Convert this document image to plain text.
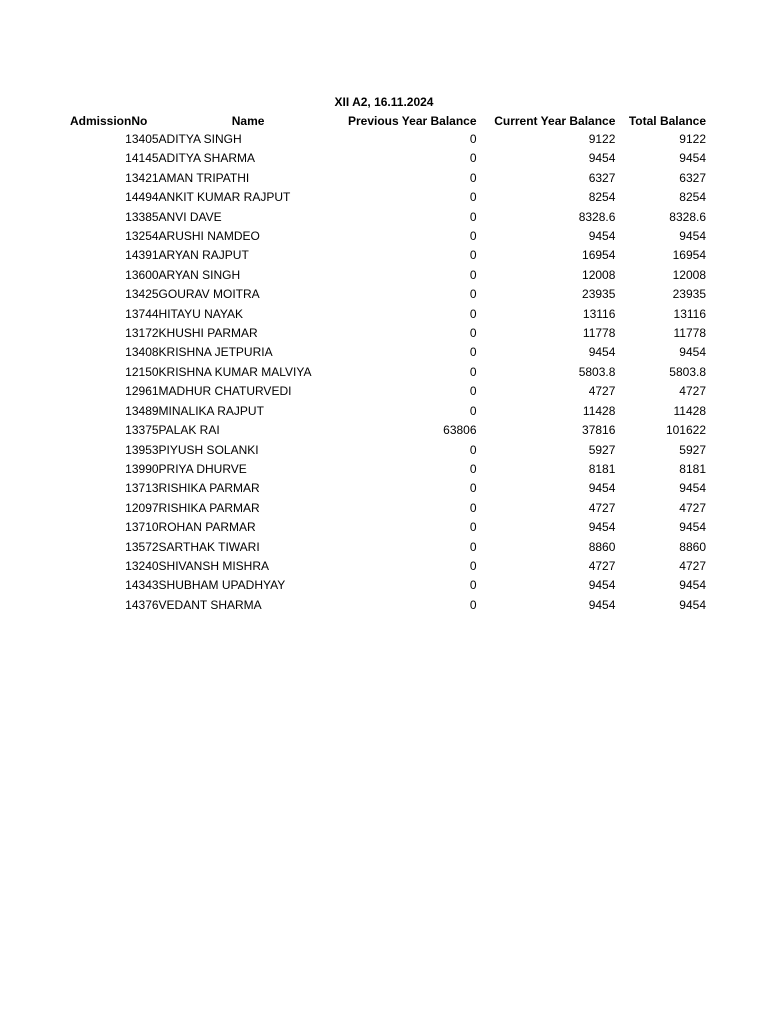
XII A2, 16.11.2024
AdmissionNo	Name	Previous Year Balance	Current Year Balance	Total Balance
13405	ADITYA SINGH	0	9122	9122
14145	ADITYA SHARMA	0	9454	9454
13421	AMAN TRIPATHI	0	6327	6327
14494	ANKIT KUMAR RAJPUT	0	8254	8254
13385	ANVI DAVE	0	8328.6	8328.6
13254	ARUSHI NAMDEO	0	9454	9454
14391	ARYAN RAJPUT	0	16954	16954
13600	ARYAN SINGH	0	12008	12008
13425	GOURAV MOITRA	0	23935	23935
13744	HITAYU NAYAK	0	13116	13116
13172	KHUSHI PARMAR	0	11778	11778
13408	KRISHNA JETPURIA	0	9454	9454
12150	KRISHNA KUMAR MALVIYA	0	5803.8	5803.8
12961	MADHUR CHATURVEDI	0	4727	4727
13489	MINALIKA RAJPUT	0	11428	11428
13375	PALAK RAI	63806	37816	101622
13953	PIYUSH SOLANKI	0	5927	5927
13990	PRIYA DHURVE	0	8181	8181
13713	RISHIKA PARMAR	0	9454	9454
12097	RISHIKA PARMAR	0	4727	4727
13710	ROHAN PARMAR	0	9454	9454
13572	SARTHAK TIWARI	0	8860	8860
13240	SHIVANSH MISHRA	0	4727	4727
14343	SHUBHAM UPADHYAY	0	9454	9454
14376	VEDANT SHARMA	0	9454	9454
